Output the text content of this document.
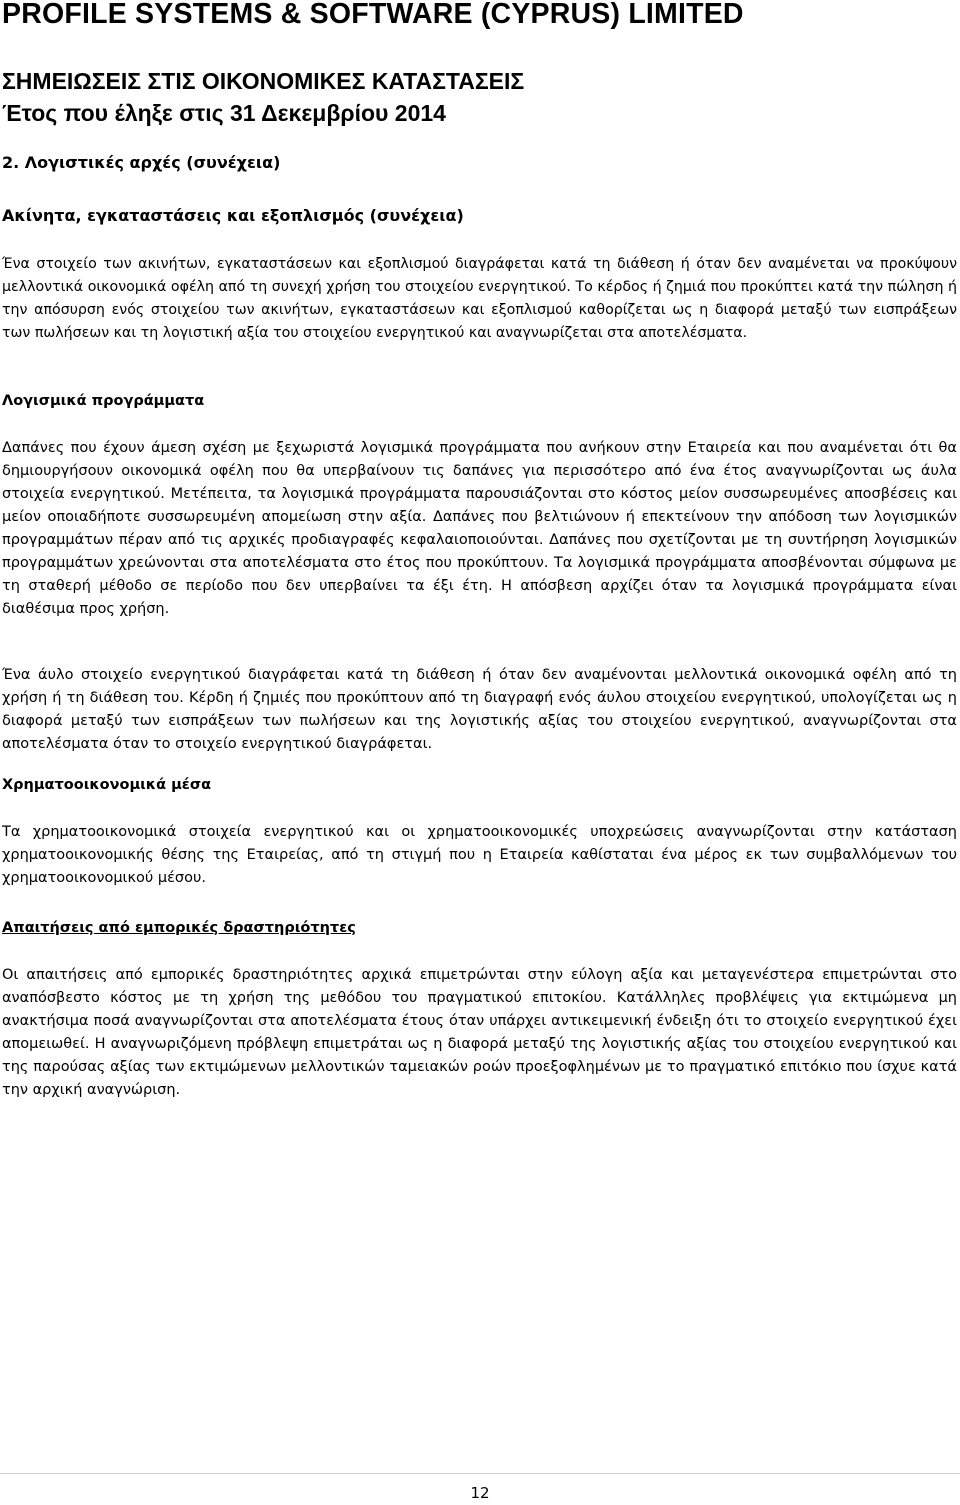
PROFILE SYSTEMS & SOFTWARE (CYPRUS) LIMITED
ΣΗΜΕΙΩΣΕΙΣ ΣΤΙΣ ΟΙΚΟΝΟΜΙΚΕΣ ΚΑΤΑΣΤΑΣΕΙΣ
Έτος που έληξε στις 31 Δεκεμβρίου 2014
2. Λογιστικές αρχές (συνέχεια)
Ακίνητα, εγκαταστάσεις και εξοπλισμός (συνέχεια)

Ένα στοιχείο των ακινήτων, εγκαταστάσεων και εξοπλισμού διαγράφεται κατά τη διάθεση ή όταν δεν αναμένεται να προκύψουν μελλοντικά οικονομικά οφέλη από τη συνεχή χρήση του στοιχείου ενεργητικού. Το κέρδος ή ζημιά που προκύπτει κατά την πώληση ή την απόσυρση ενός στοιχείου των ακινήτων, εγκαταστάσεων και εξοπλισμού καθορίζεται ως η διαφορά μεταξύ των εισπράξεων των πωλήσεων και τη λογιστική αξία του στοιχείου ενεργητικού και αναγνωρίζεται στα αποτελέσματα.

Λογισμικά προγράμματα

Δαπάνες που έχουν άμεση σχέση με ξεχωριστά λογισμικά προγράμματα που ανήκουν στην Εταιρεία και που αναμένεται ότι θα δημιουργήσουν οικονομικά οφέλη που θα υπερβαίνουν τις δαπάνες για περισσότερο από ένα έτος αναγνωρίζονται ως άυλα στοιχεία ενεργητικού. Μετέπειτα, τα λογισμικά προγράμματα παρουσιάζονται στο κόστος μείον συσσωρευμένες αποσβέσεις και μείον οποιαδήποτε συσσωρευμένη απομείωση στην αξία. Δαπάνες που βελτιώνουν ή επεκτείνουν την απόδοση των λογισμικών προγραμμάτων πέραν από τις αρχικές προδιαγραφές κεφαλαιοποιούνται. Δαπάνες που σχετίζονται με τη συντήρηση λογισμικών προγραμμάτων χρεώνονται στα αποτελέσματα στο έτος που προκύπτουν. Τα λογισμικά προγράμματα αποσβένονται σύμφωνα με τη σταθερή μέθοδο σε περίοδο που δεν υπερβαίνει τα έξι έτη. Η απόσβεση αρχίζει όταν τα λογισμικά προγράμματα είναι διαθέσιμα προς χρήση.

Ένα άυλο στοιχείο ενεργητικού διαγράφεται κατά τη διάθεση ή όταν δεν αναμένονται μελλοντικά οικονομικά οφέλη από τη χρήση ή τη διάθεση του. Κέρδη ή ζημιές που προκύπτουν από τη διαγραφή ενός άυλου στοιχείου ενεργητικού, υπολογίζεται ως η διαφορά μεταξύ των εισπράξεων των πωλήσεων και της λογιστικής αξίας του στοιχείου ενεργητικού, αναγνωρίζονται στα αποτελέσματα όταν το στοιχείο ενεργητικού διαγράφεται.

Χρηματοοικονομικά μέσα

Τα χρηματοοικονομικά στοιχεία ενεργητικού και οι χρηματοοικονομικές υποχρεώσεις αναγνωρίζονται στην κατάσταση χρηματοοικονομικής θέσης της Εταιρείας, από τη στιγμή που η Εταιρεία καθίσταται ένα μέρος εκ των συμβαλλόμενων του χρηματοοικονομικού μέσου.

Απαιτήσεις από εμπορικές δραστηριότητες

Οι απαιτήσεις από εμπορικές δραστηριότητες αρχικά επιμετρώνται στην εύλογη αξία και μεταγενέστερα επιμετρώνται στο αναπόσβεστο κόστος με τη χρήση της μεθόδου του πραγματικού επιτοκίου. Κατάλληλες προβλέψεις για εκτιμώμενα μη ανακτήσιμα ποσά αναγνωρίζονται στα αποτελέσματα έτους όταν υπάρχει αντικειμενική ένδειξη ότι το στοιχείο ενεργητικού έχει απομειωθεί. Η αναγνωριζόμενη πρόβλεψη επιμετράται ως η διαφορά μεταξύ της λογιστικής αξίας του στοιχείου ενεργητικού και της παρούσας αξίας των εκτιμώμενων μελλοντικών ταμειακών ροών προεξοφλημένων με το πραγματικό επιτόκιο που ίσχυε κατά την αρχική αναγνώριση.

12
